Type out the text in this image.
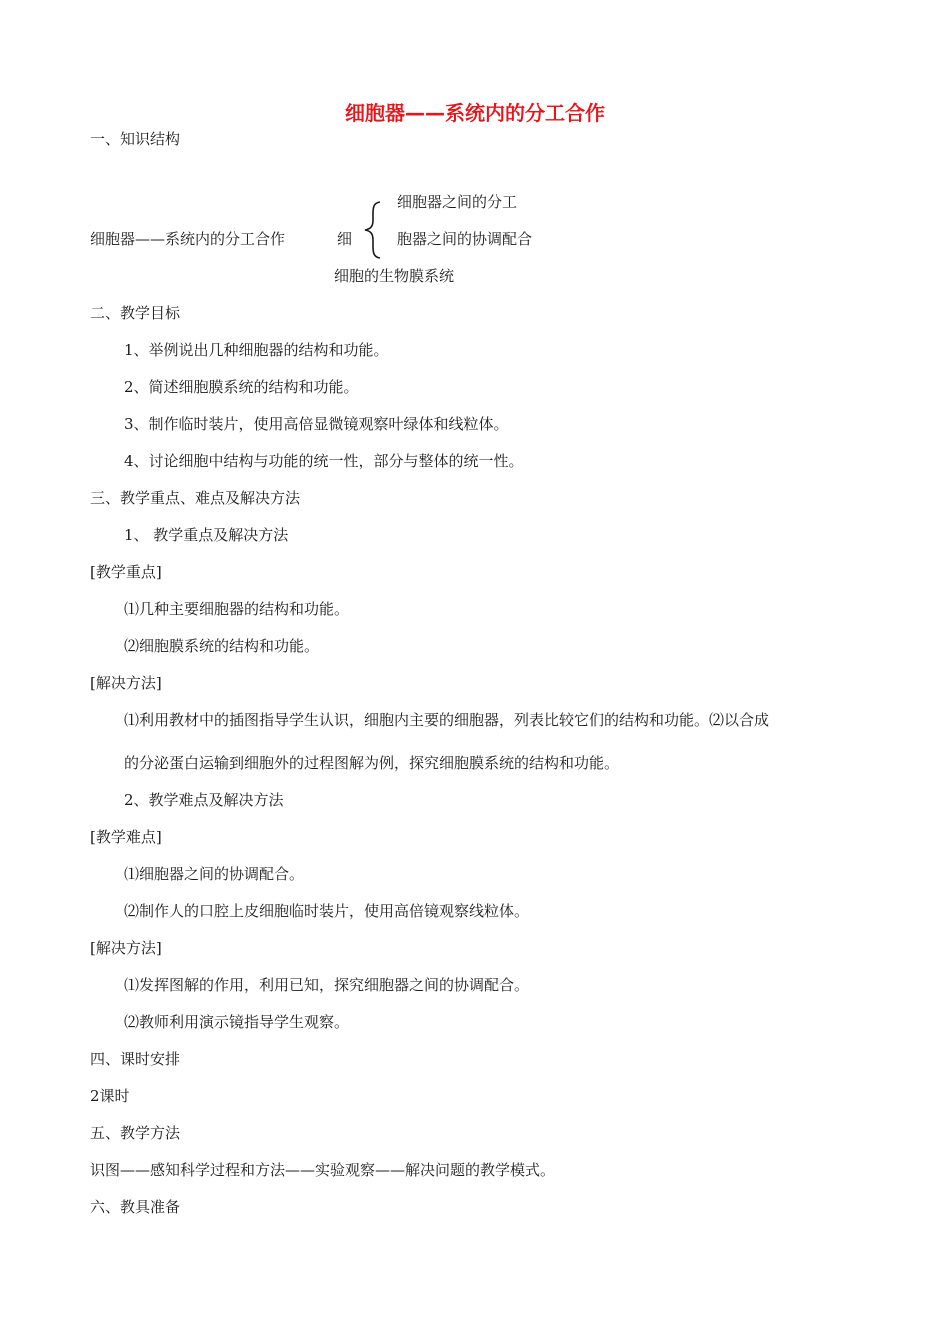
细胞器——系统内的分工合作
一、知识结构
细胞器之间的分工
细胞器——系统内的分工合作	细	胞器之间的协调配合
细胞的生物膜系统
二、教学目标
1、举例说出几种细胞器的结构和功能。
2、简述细胞膜系统的结构和功能。
3、制作临时装片，使用高倍显微镜观察叶绿体和线粒体。
4、讨论细胞中结构与功能的统一性，部分与整体的统一性。
三、教学重点、难点及解决方法
1、 教学重点及解决方法
[教学重点]
⑴几种主要细胞器的结构和功能。
⑵细胞膜系统的结构和功能。
[解决方法]
⑴利用教材中的插图指导学生认识，细胞内主要的细胞器，列表比较它们的结构和功能。⑵以合成
的分泌蛋白运输到细胞外的过程图解为例，探究细胞膜系统的结构和功能。
2、教学难点及解决方法
[教学难点]
⑴细胞器之间的协调配合。
⑵制作人的口腔上皮细胞临时装片，使用高倍镜观察线粒体。
[解决方法]
⑴发挥图解的作用，利用已知，探究细胞器之间的协调配合。
⑵教师利用演示镜指导学生观察。
四、课时安排
2课时
五、教学方法
识图——感知科学过程和方法——实验观察——解决问题的教学模式。
六、教具准备
